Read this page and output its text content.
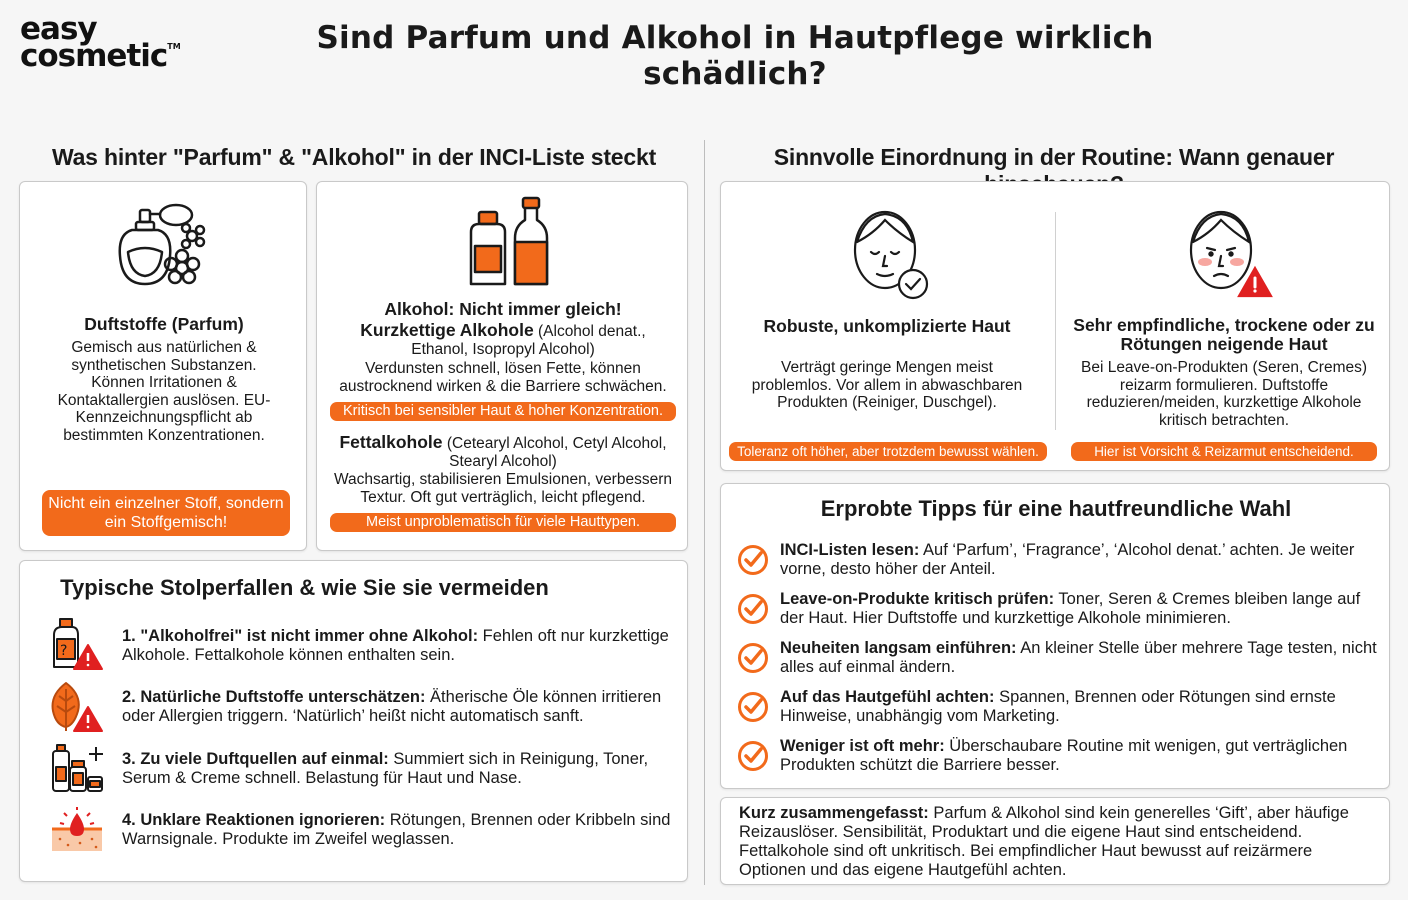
easy
cosmetic™	Sind Parfum und Alkohol in Hautpflege wirklich schädlich?
Was hinter "Parfum" & "Alkohol" in der INCI-Liste steckt	Sinnvolle Einordnung in der Routine: Wann genauer
Duftstoffe (Parfum)
Gemisch aus natürlichen & synthetischen Substanzen. Können Irritationen & Kontaktallergien auslösen. EU-Kennzeichnungspflicht ab bestimmten Konzentrationen.
Nicht ein einzelner Stoff, sondern ein Stoffgemisch!
Alkohol: Nicht immer gleich!
Kurzkettige Alkohole (Alcohol denat., Ethanol, Isopropyl Alcohol)
Verdunsten schnell, lösen Fette, können austrocknend wirken & die Barriere schwächen.
Kritisch bei sensibler Haut & hoher Konzentration.
Fettalkohole (Cetearyl Alcohol, Cetyl Alcohol, Stearyl Alcohol)
Wachsartig, stabilisieren Emulsionen, verbessern Textur. Oft gut verträglich, leicht pflegend.
Meist unproblematisch für viele Hauttypen.
Typische Stolperfallen & wie Sie sie vermeiden
?
1. "Alkoholfrei" ist nicht immer ohne Alkohol: Fehlen oft nur kurzkettige Alkohole. Fettalkohole können enthalten sein.
2. Natürliche Duftstoffe unterschätzen: Ätherische Öle können irritieren oder Allergien triggern. ‘Natürlich’ heißt nicht automatisch sanft.
3. Zu viele Duftquellen auf einmal: Summiert sich in Reinigung, Toner, Serum & Creme schnell. Belastung für Haut und Nase.
4. Unklare Reaktionen ignorieren: Rötungen, Brennen oder Kribbeln sind Warnsignale. Produkte im Zweifel weglassen.
Robuste, unkomplizierte Haut
Verträgt geringe Mengen meist problemlos. Vor allem in abwaschbaren Produkten (Reiniger, Duschgel).
Toleranz oft höher, aber trotzdem bewusst wählen.
Sehr empfindliche, trockene oder zu Rötungen neigende Haut
Bei Leave-on-Produkten (Seren, Cremes) reizarm formulieren. Duftstoffe reduzieren/meiden, kurzkettige Alkohole kritisch betrachten.
Hier ist Vorsicht & Reizarmut entscheidend.
Erprobte Tipps für eine hautfreundliche Wahl
INCI-Listen lesen: Auf ‘Parfum’, ‘Fragrance’, ‘Alcohol denat.’ achten. Je weiter vorne, desto höher der Anteil.
Leave-on-Produkte kritisch prüfen: Toner, Seren & Cremes bleiben lange auf der Haut. Hier Duftstoffe und kurzkettige Alkohole minimieren.
Neuheiten langsam einführen: An kleiner Stelle über mehrere Tage testen, nicht alles auf einmal ändern.
Auf das Hautgefühl achten: Spannen, Brennen oder Rötungen sind ernste Hinweise, unabhängig vom Marketing.
Weniger ist oft mehr: Überschaubare Routine mit wenigen, gut verträglichen Produkten schützt die Barriere besser.
Kurz zusammengefasst: Parfum & Alkohol sind kein generelles ‘Gift’, aber häufige Reizauslöser. Sensibilität, Produktart und die eigene Haut sind entscheidend. Fettalkohole sind oft unkritisch. Bei empfindlicher Haut bewusst auf reizärmere Optionen und das eigene Hautgefühl achten.
